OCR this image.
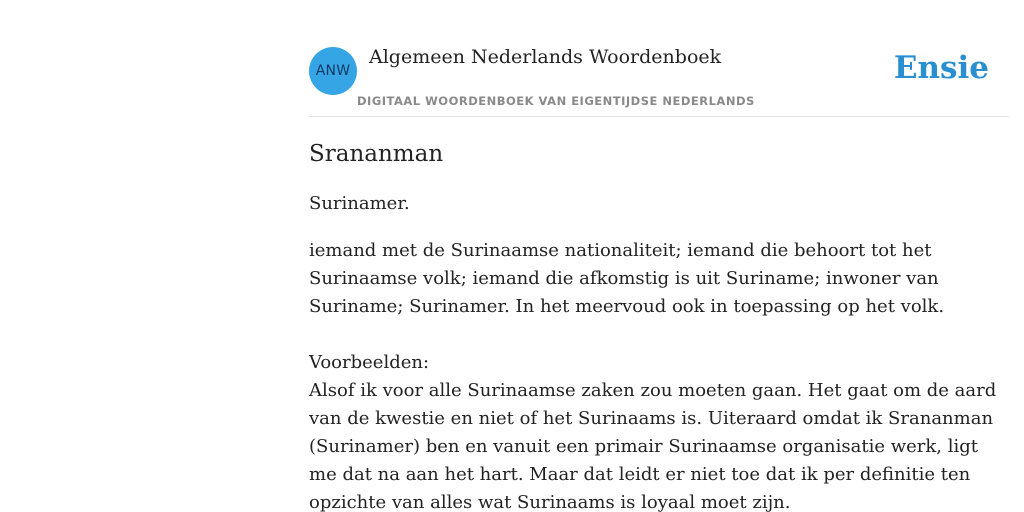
ANW
Algemeen Nederlands Woordenboek
DIGITAAL WOORDENBOEK VAN EIGENTIJDSE NEDERLANDS
Ensie
Srananman

Surinamer.

iemand met de Surinaamse nationaliteit; iemand die behoort tot het Surinaamse volk; iemand die afkomstig is uit Suriname; inwoner van Suriname; Surinamer. In het meervoud ook in toepassing op het volk.

Voorbeelden:

Alsof ik voor alle Surinaamse zaken zou moeten gaan. Het gaat om de aard van de kwestie en niet of het Surinaams is. Uiteraard omdat ik Srananman (Surinamer) ben en vanuit een primair Surinaamse organisatie werk, ligt me dat na aan het hart. Maar dat leidt er niet toe dat ik per definitie ten opzichte van alles wat Surinaams is loyaal moet zijn.
